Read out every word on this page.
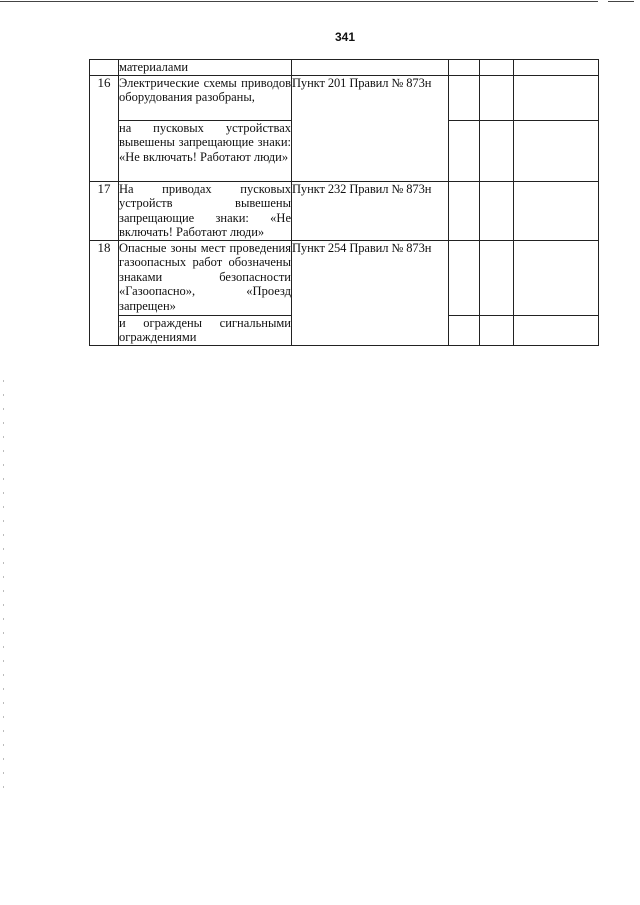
341
	материалами				
16	Электрические схемы приводов оборудования разобраны,	Пункт 201 Правил № 873н			
	на пусковых устройствах вывешены запрещающие знаки: «Не включать! Работают люди»				
17	На приводах пусковых устройств вывешены запрещающие знаки: «Не включать! Работают люди»	Пункт 232 Правил № 873н			
18	Опасные зоны мест проведения газоопасных работ обозначены знаками безопасности «Газоопасно», «Проезд запрещен»	Пункт 254 Правил № 873н			
	и ограждены сигнальными ограждениями				
